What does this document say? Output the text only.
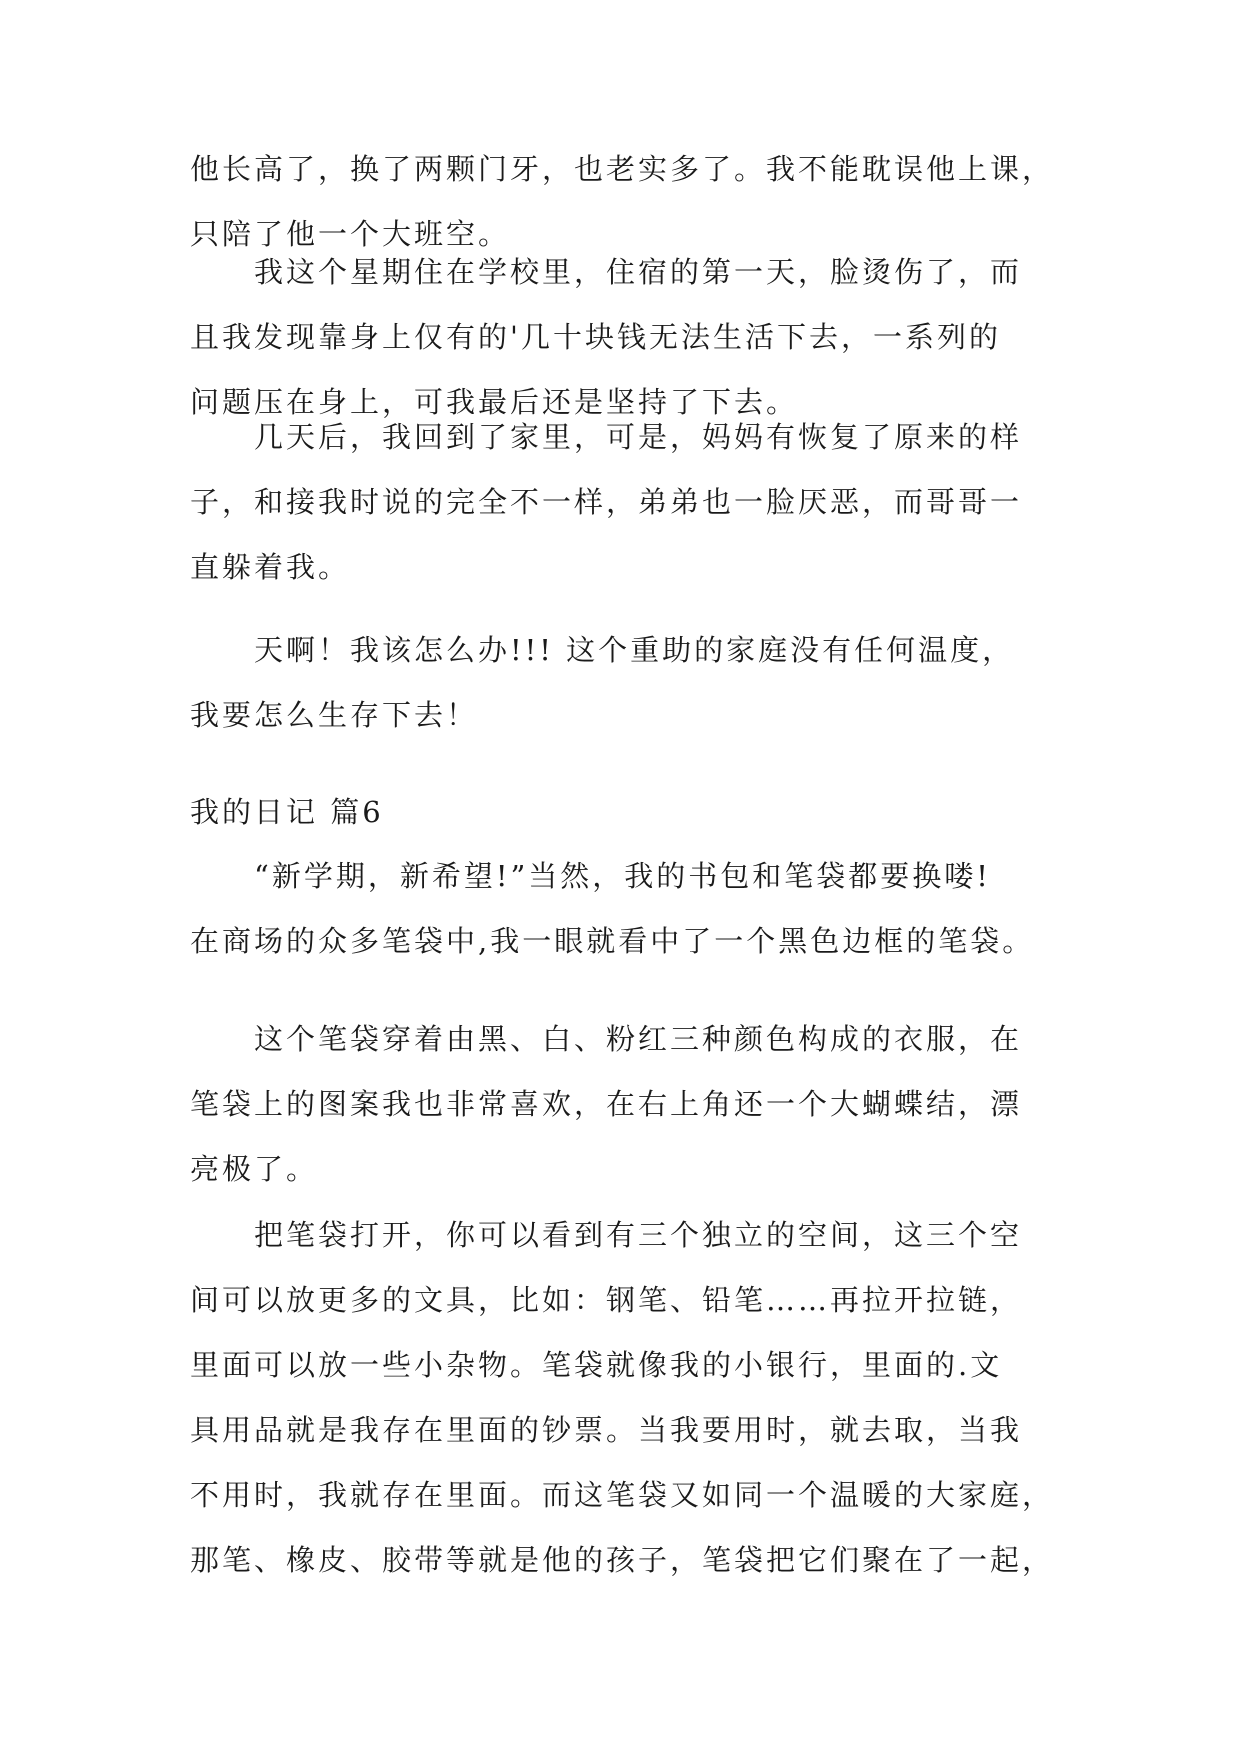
他长高了，换了两颗门牙，也老实多了。我不能耽误他上课，
只陪了他一个大班空。
我这个星期住在学校里，住宿的第一天，脸烫伤了，而
且我发现靠身上仅有的'几十块钱无法生活下去，一系列的
问题压在身上，可我最后还是坚持了下去。
几天后，我回到了家里，可是，妈妈有恢复了原来的样
子，和接我时说的完全不一样，弟弟也一脸厌恶，而哥哥一
直躲着我。
天啊！我该怎么办!!! 这个重助的家庭没有任何温度，
我要怎么生存下去！
我的日记 篇6
“新学期，新希望!”当然，我的书包和笔袋都要换喽!
在商场的众多笔袋中,我一眼就看中了一个黑色边框的笔袋。
这个笔袋穿着由黑、白、粉红三种颜色构成的衣服，在
笔袋上的图案我也非常喜欢，在右上角还一个大蝴蝶结，漂
亮极了。
把笔袋打开，你可以看到有三个独立的空间，这三个空
间可以放更多的文具，比如：钢笔、铅笔……再拉开拉链，
里面可以放一些小杂物。笔袋就像我的小银行，里面的.文
具用品就是我存在里面的钞票。当我要用时，就去取，当我
不用时，我就存在里面。而这笔袋又如同一个温暖的大家庭，
那笔、橡皮、胶带等就是他的孩子，笔袋把它们聚在了一起，
